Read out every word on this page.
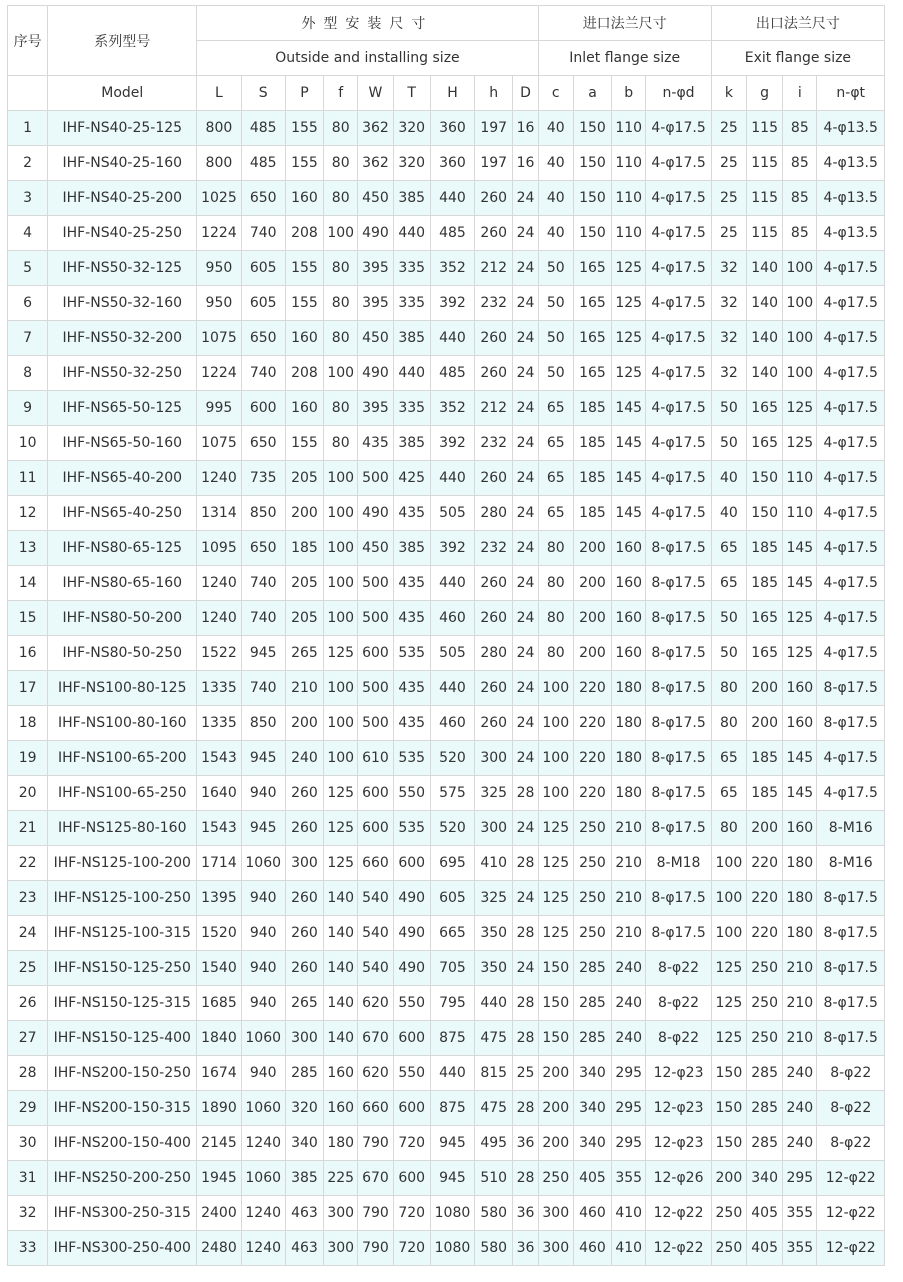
序号	系列型号	外型安装尺寸									进口法兰尺寸				出口法兰尺寸			
		Outside and installing size									Inlet flange size				Exit flange size			
	Model	L	S	P	f	W	T	H	h	D	c	a	b	n-φd	k	g	i	n-φt
1	IHF-NS40-25-125	800	485	155	80	362	320	360	197	16	40	150	110	4-φ17.5	25	115	85	4-φ13.5
2	IHF-NS40-25-160	800	485	155	80	362	320	360	197	16	40	150	110	4-φ17.5	25	115	85	4-φ13.5
3	IHF-NS40-25-200	1025	650	160	80	450	385	440	260	24	40	150	110	4-φ17.5	25	115	85	4-φ13.5
4	IHF-NS40-25-250	1224	740	208	100	490	440	485	260	24	40	150	110	4-φ17.5	25	115	85	4-φ13.5
5	IHF-NS50-32-125	950	605	155	80	395	335	352	212	24	50	165	125	4-φ17.5	32	140	100	4-φ17.5
6	IHF-NS50-32-160	950	605	155	80	395	335	392	232	24	50	165	125	4-φ17.5	32	140	100	4-φ17.5
7	IHF-NS50-32-200	1075	650	160	80	450	385	440	260	24	50	165	125	4-φ17.5	32	140	100	4-φ17.5
8	IHF-NS50-32-250	1224	740	208	100	490	440	485	260	24	50	165	125	4-φ17.5	32	140	100	4-φ17.5
9	IHF-NS65-50-125	995	600	160	80	395	335	352	212	24	65	185	145	4-φ17.5	50	165	125	4-φ17.5
10	IHF-NS65-50-160	1075	650	155	80	435	385	392	232	24	65	185	145	4-φ17.5	50	165	125	4-φ17.5
11	IHF-NS65-40-200	1240	735	205	100	500	425	440	260	24	65	185	145	4-φ17.5	40	150	110	4-φ17.5
12	IHF-NS65-40-250	1314	850	200	100	490	435	505	280	24	65	185	145	4-φ17.5	40	150	110	4-φ17.5
13	IHF-NS80-65-125	1095	650	185	100	450	385	392	232	24	80	200	160	8-φ17.5	65	185	145	4-φ17.5
14	IHF-NS80-65-160	1240	740	205	100	500	435	440	260	24	80	200	160	8-φ17.5	65	185	145	4-φ17.5
15	IHF-NS80-50-200	1240	740	205	100	500	435	460	260	24	80	200	160	8-φ17.5	50	165	125	4-φ17.5
16	IHF-NS80-50-250	1522	945	265	125	600	535	505	280	24	80	200	160	8-φ17.5	50	165	125	4-φ17.5
17	IHF-NS100-80-125	1335	740	210	100	500	435	440	260	24	100	220	180	8-φ17.5	80	200	160	8-φ17.5
18	IHF-NS100-80-160	1335	850	200	100	500	435	460	260	24	100	220	180	8-φ17.5	80	200	160	8-φ17.5
19	IHF-NS100-65-200	1543	945	240	100	610	535	520	300	24	100	220	180	8-φ17.5	65	185	145	4-φ17.5
20	IHF-NS100-65-250	1640	940	260	125	600	550	575	325	28	100	220	180	8-φ17.5	65	185	145	4-φ17.5
21	IHF-NS125-80-160	1543	945	260	125	600	535	520	300	24	125	250	210	8-φ17.5	80	200	160	8-M16
22	IHF-NS125-100-200	1714	1060	300	125	660	600	695	410	28	125	250	210	8-M18	100	220	180	8-M16
23	IHF-NS125-100-250	1395	940	260	140	540	490	605	325	24	125	250	210	8-φ17.5	100	220	180	8-φ17.5
24	IHF-NS125-100-315	1520	940	260	140	540	490	665	350	28	125	250	210	8-φ17.5	100	220	180	8-φ17.5
25	IHF-NS150-125-250	1540	940	260	140	540	490	705	350	24	150	285	240	8-φ22	125	250	210	8-φ17.5
26	IHF-NS150-125-315	1685	940	265	140	620	550	795	440	28	150	285	240	8-φ22	125	250	210	8-φ17.5
27	IHF-NS150-125-400	1840	1060	300	140	670	600	875	475	28	150	285	240	8-φ22	125	250	210	8-φ17.5
28	IHF-NS200-150-250	1674	940	285	160	620	550	440	815	25	200	340	295	12-φ23	150	285	240	8-φ22
29	IHF-NS200-150-315	1890	1060	320	160	660	600	875	475	28	200	340	295	12-φ23	150	285	240	8-φ22
30	IHF-NS200-150-400	2145	1240	340	180	790	720	945	495	36	200	340	295	12-φ23	150	285	240	8-φ22
31	IHF-NS250-200-250	1945	1060	385	225	670	600	945	510	28	250	405	355	12-φ26	200	340	295	12-φ22
32	IHF-NS300-250-315	2400	1240	463	300	790	720	1080	580	36	300	460	410	12-φ22	250	405	355	12-φ22
33	IHF-NS300-250-400	2480	1240	463	300	790	720	1080	580	36	300	460	410	12-φ22	250	405	355	12-φ22
